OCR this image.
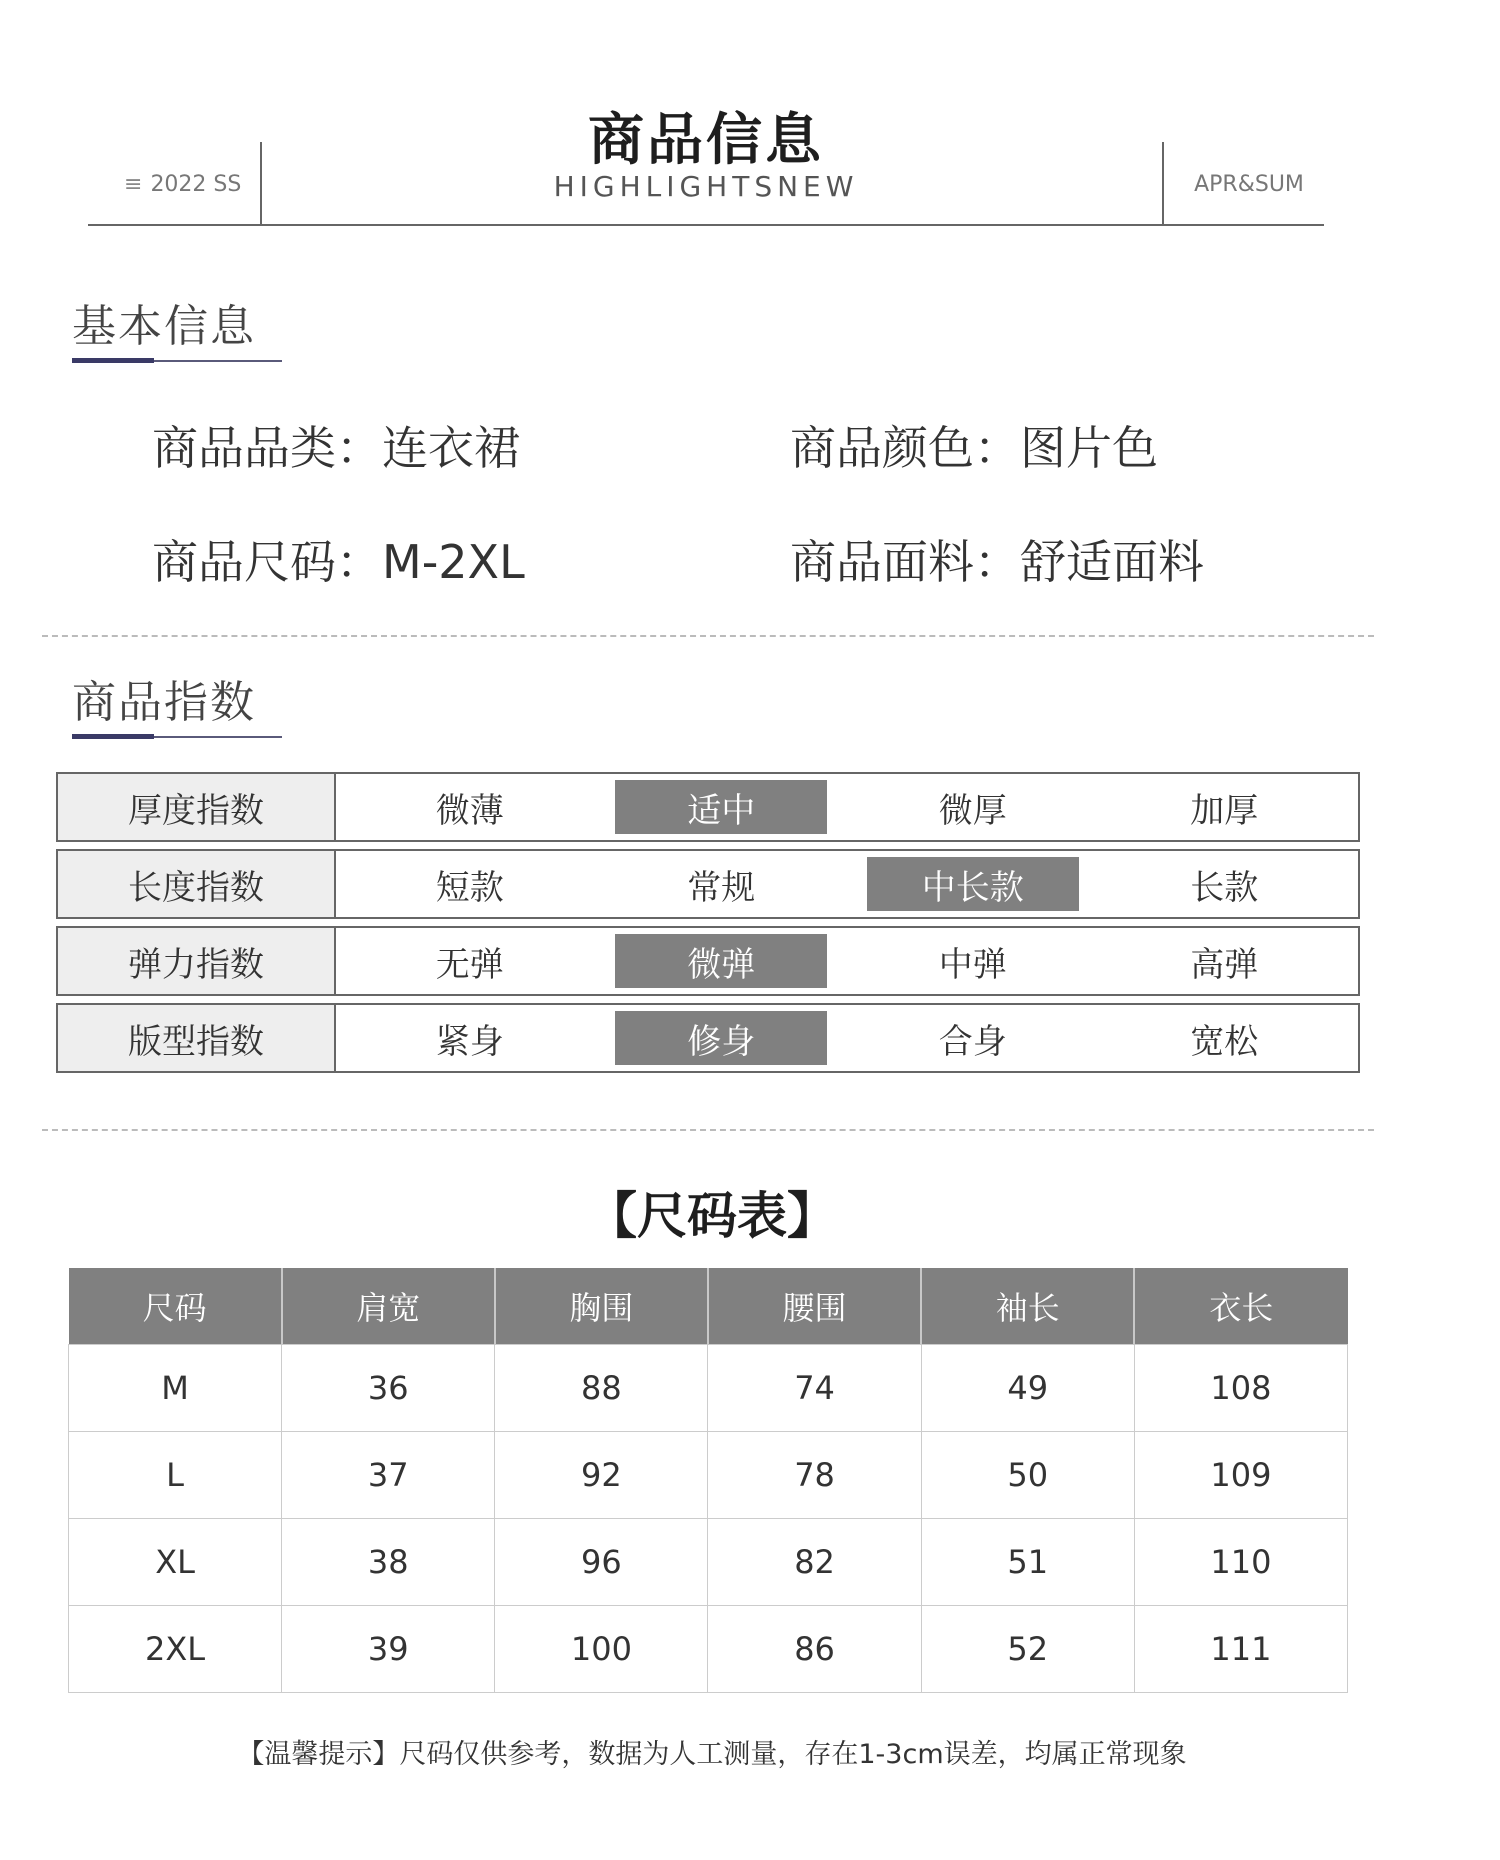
商品信息
≡ 2022 SS	HIGHLIGHTSNEW	APR&SUM
基本信息
商品品类：连衣裙	商品颜色：图片色
商品尺码：M-2XL	商品面料：舒适面料
商品指数
厚度指数	微薄	适中	微厚	加厚
长度指数	短款	常规	中长款	长款
弹力指数	无弹	微弹	中弹	高弹
版型指数	紧身	修身	合身	宽松
【尺码表】
尺码	肩宽	胸围	腰围	袖长	衣长
M	36	88	74	49	108
L	37	92	78	50	109
XL	38	96	82	51	110
2XL	39	100	86	52	111
【温馨提示】尺码仅供参考，数据为人工测量，存在1-3cm误差，均属正常现象
